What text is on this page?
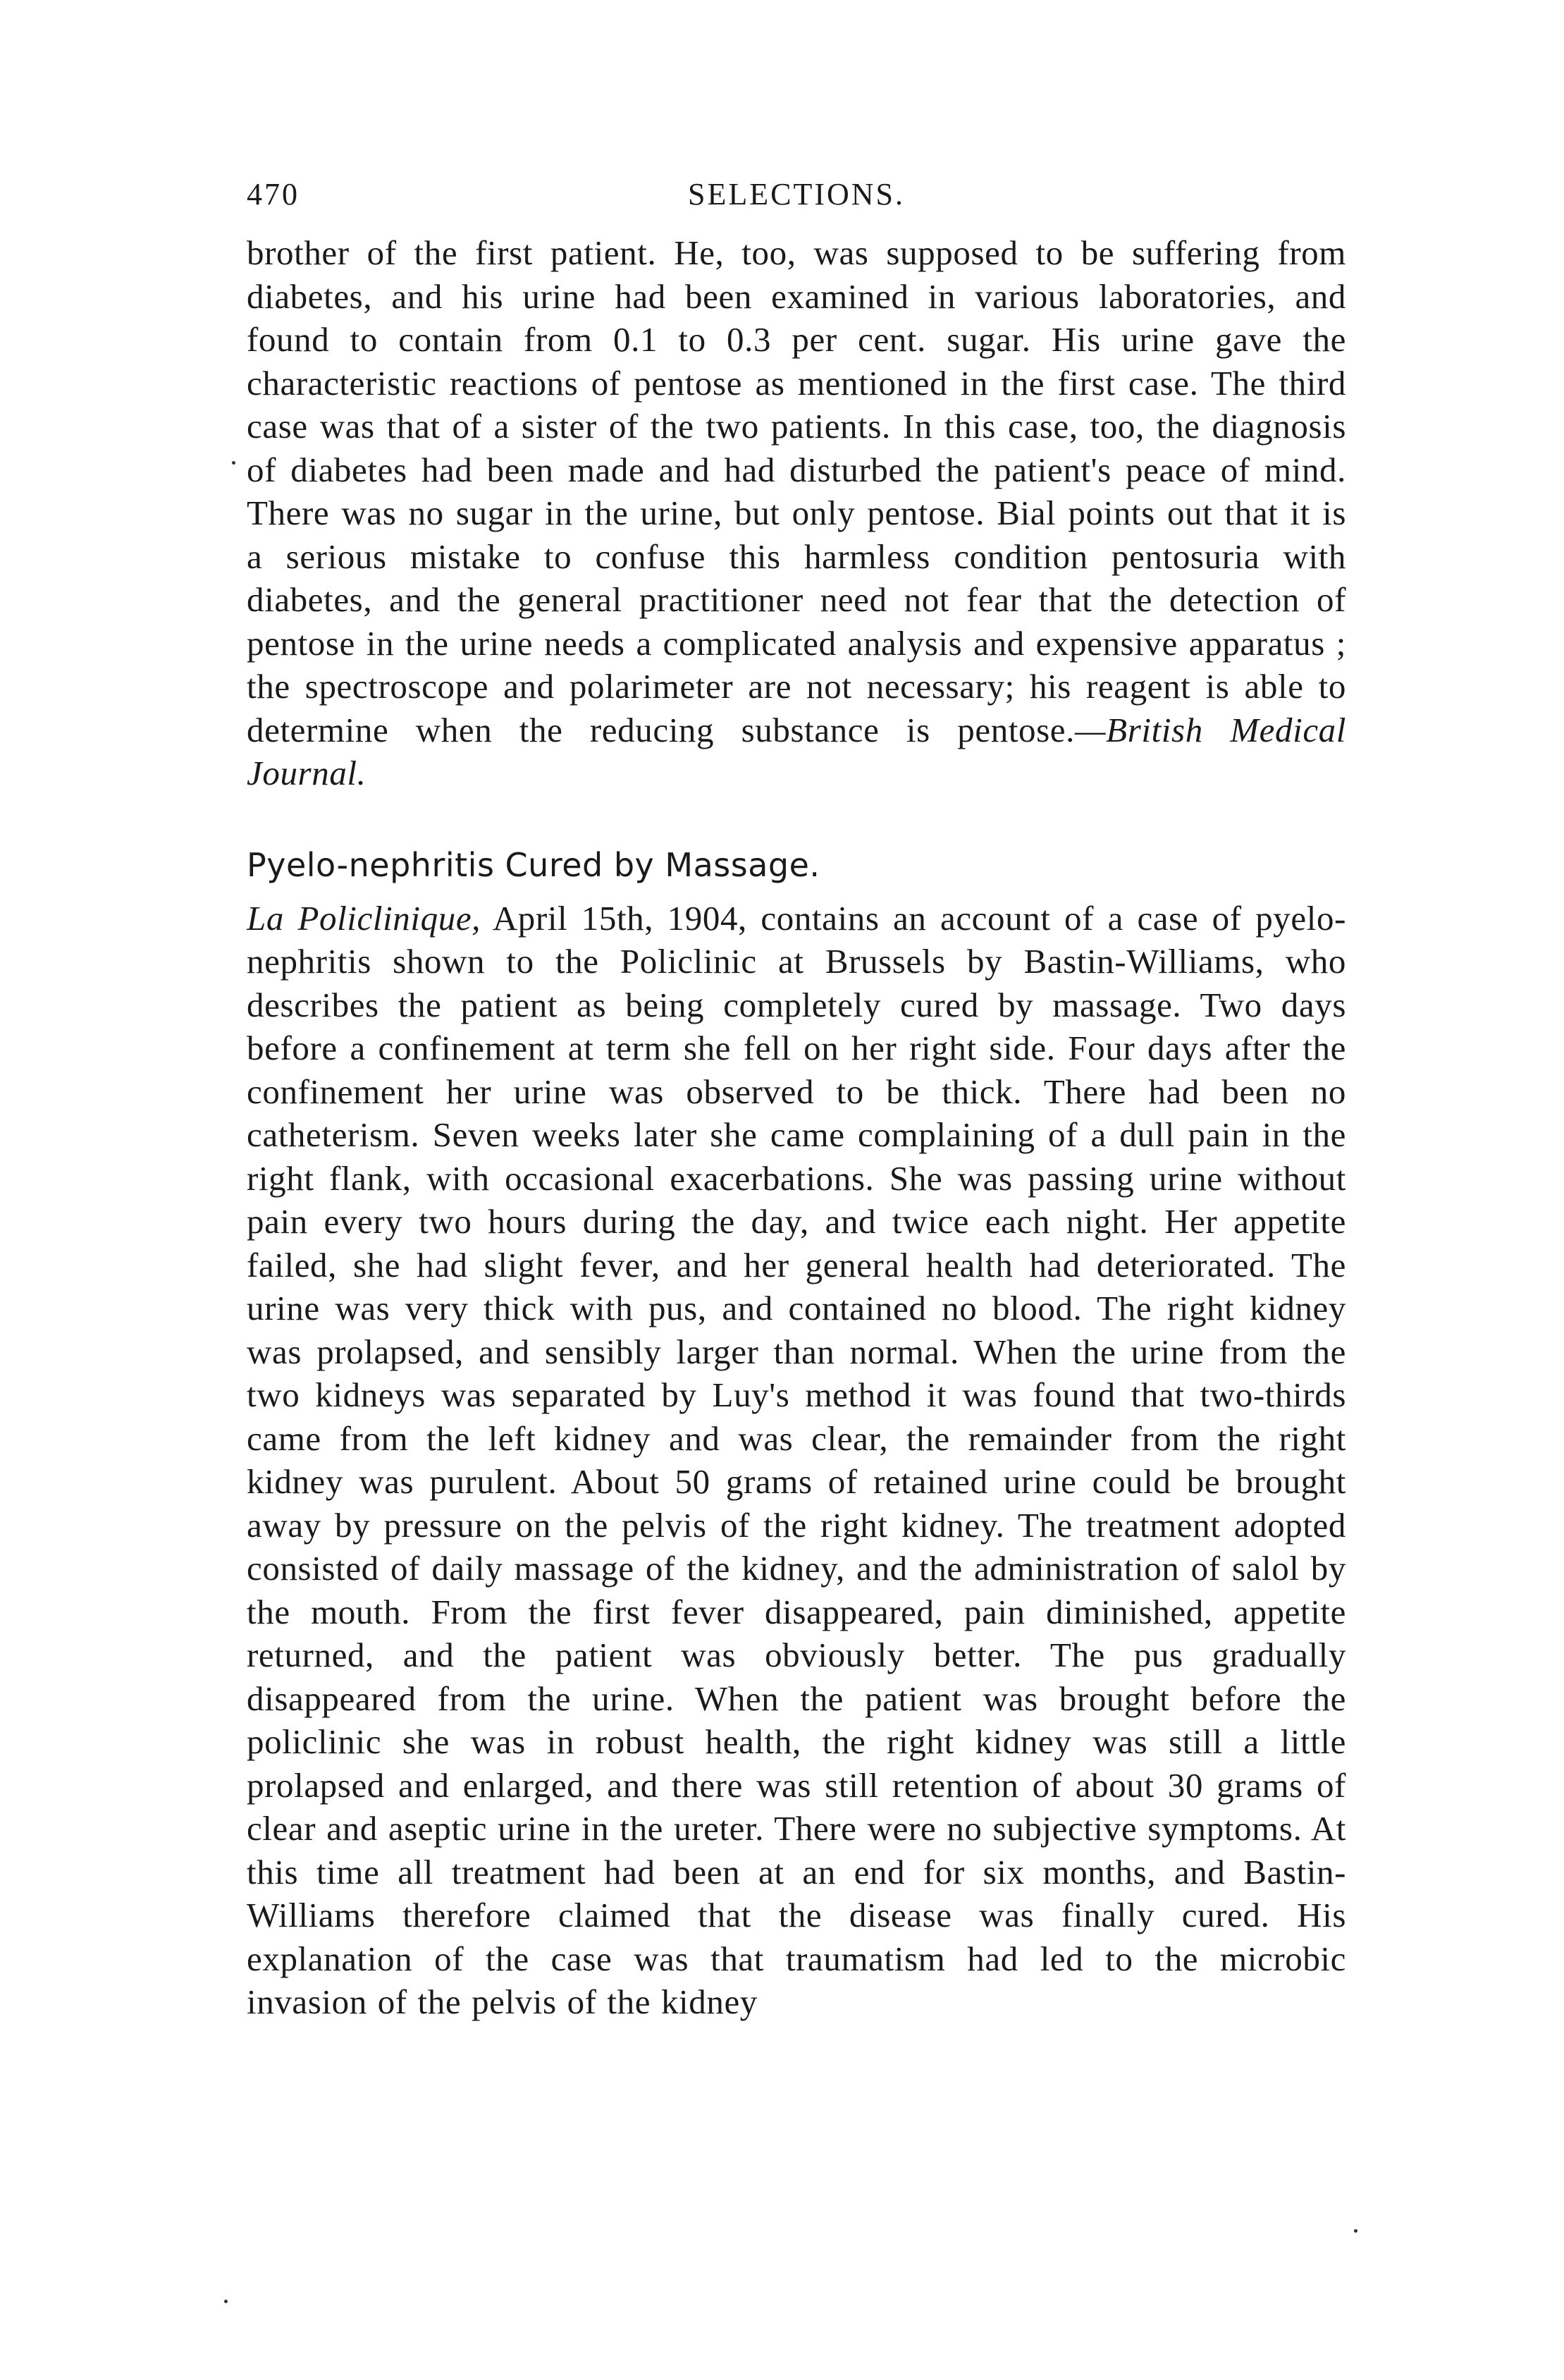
470	SELECTIONS.

brother of the first patient. He, too, was supposed to be suffering from diabetes, and his urine had been examined in various laboratories, and found to contain from 0.1 to 0.3 per cent. sugar. His urine gave the characteristic reactions of pentose as mentioned in the first case. The third case was that of a sister of the two patients. In this case, too, the diagnosis of diabetes had been made and had disturbed the patient's peace of mind. There was no sugar in the urine, but only pentose. Bial points out that it is a serious mistake to confuse this harmless condition pentosuria with diabetes, and the general practitioner need not fear that the detection of pentose in the urine needs a complicated analysis and expensive apparatus ; the spectroscope and polarimeter are not necessary; his reagent is able to determine when the reducing substance is pentose.—British Medical Journal.

Pyelo-nephritis Cured by Massage.

La Policlinique, April 15th, 1904, contains an account of a case of pyelo-nephritis shown to the Policlinic at Brussels by Bastin-Williams, who describes the patient as being completely cured by massage. Two days before a confinement at term she fell on her right side. Four days after the confinement her urine was observed to be thick. There had been no catheterism. Seven weeks later she came complaining of a dull pain in the right flank, with occasional exacerbations. She was passing urine without pain every two hours during the day, and twice each night. Her appetite failed, she had slight fever, and her general health had deteriorated. The urine was very thick with pus, and contained no blood. The right kidney was prolapsed, and sensibly larger than normal. When the urine from the two kidneys was separated by Luy's method it was found that two-thirds came from the left kidney and was clear, the remainder from the right kidney was purulent. About 50 grams of retained urine could be brought away by pressure on the pelvis of the right kidney. The treatment adopted consisted of daily massage of the kidney, and the administration of salol by the mouth. From the first fever disappeared, pain diminished, appetite returned, and the patient was obviously better. The pus gradually disappeared from the urine. When the patient was brought before the policlinic she was in robust health, the right kidney was still a little prolapsed and enlarged, and there was still retention of about 30 grams of clear and aseptic urine in the ureter. There were no subjective symptoms. At this time all treatment had been at an end for six months, and Bastin-Williams therefore claimed that the disease was finally cured. His explanation of the case was that traumatism had led to the microbic invasion of the pelvis of the kidney
